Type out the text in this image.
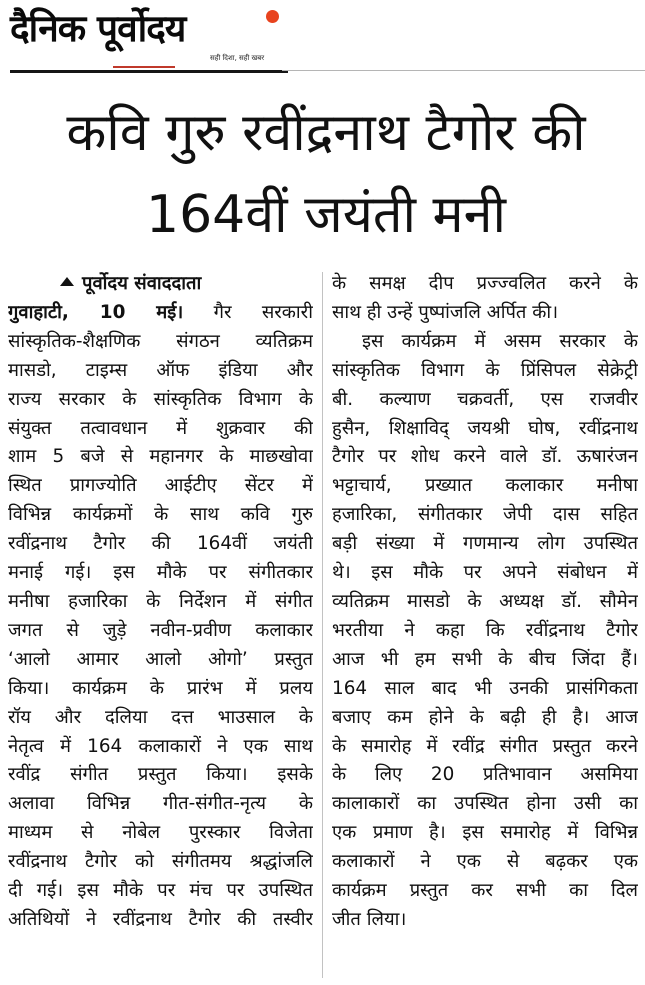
दैनिक पूर्वोदय
सही दिशा, सही खबर
कवि गुरु रवींद्रनाथ टैगोर की 164वीं जयंती मनी
पूर्वोदय संवाददाता
गुवाहाटी, 10 मई। गैर सरकारी
सांस्कृतिक-शैक्षणिक संगठन व्यतिक्रम
मासडो, टाइम्स ऑफ इंडिया और
राज्य सरकार के सांस्कृतिक विभाग के
संयुक्त तत्वावधान में शुक्रवार की
शाम 5 बजे से महानगर के माछखोवा
स्थित प्रागज्योति आईटीए सेंटर में
विभिन्न कार्यक्रमों के साथ कवि गुरु
रवींद्रनाथ टैगोर की 164वीं जयंती
मनाई गई। इस मौके पर संगीतकार
मनीषा हजारिका के निर्देशन में संगीत
जगत से जुड़े नवीन-प्रवीण कलाकार
‘आलो आमार आलो ओगो’ प्रस्तुत
किया। कार्यक्रम के प्रारंभ में प्रलय
रॉय और दलिया दत्त भाउसाल के
नेतृत्व में 164 कलाकारों ने एक साथ
रवींद्र संगीत प्रस्तुत किया। इसके
अलावा विभिन्न गीत-संगीत-नृत्य के
माध्यम से नोबेल पुरस्कार विजेता
रवींद्रनाथ टैगोर को संगीतमय श्रद्धांजलि
दी गई। इस मौके पर मंच पर उपस्थित
अतिथियों ने रवींद्रनाथ टैगोर की तस्वीर
के समक्ष दीप प्रज्ज्वलित करने के
साथ ही उन्हें पुष्पांजलि अर्पित की।
इस कार्यक्रम में असम सरकार के
सांस्कृतिक विभाग के प्रिंसिपल सेक्रेट्री
बी. कल्याण चक्रवर्ती, एस राजवीर
हुसैन, शिक्षाविद् जयश्री घोष, रवींद्रनाथ
टैगोर पर शोध करने वाले डॉ. ऊषारंजन
भट्टाचार्य, प्रख्यात कलाकार मनीषा
हजारिका, संगीतकार जेपी दास सहित
बड़ी संख्या में गणमान्य लोग उपस्थित
थे। इस मौके पर अपने संबोधन में
व्यतिक्रम मासडो के अध्यक्ष डॉ. सौमेन
भरतीया ने कहा कि रवींद्रनाथ टैगोर
आज भी हम सभी के बीच जिंदा हैं।
164 साल बाद भी उनकी प्रासंगिकता
बजाए कम होने के बढ़ी ही है। आज
के समारोह में रवींद्र संगीत प्रस्तुत करने
के लिए 20 प्रतिभावान असमिया
कालाकारों का उपस्थित होना उसी का
एक प्रमाण है। इस समारोह में विभिन्न
कलाकारों ने एक से बढ़कर एक
कार्यक्रम प्रस्तुत कर सभी का दिल
जीत लिया।
